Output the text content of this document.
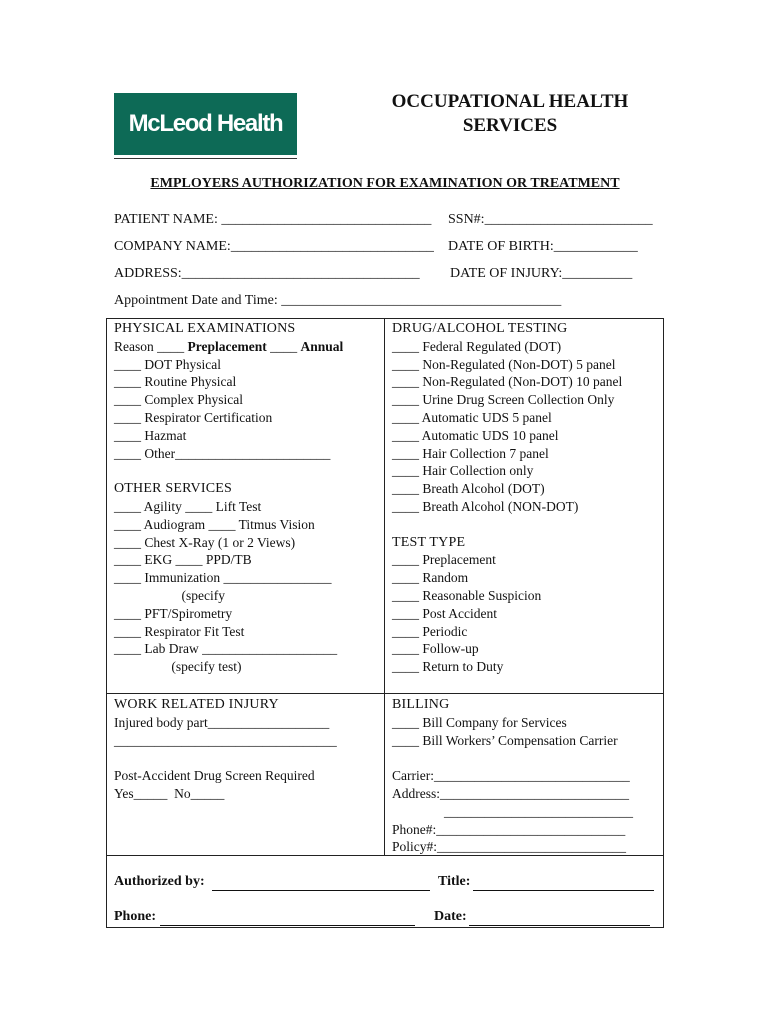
McLeod Health
OCCUPATIONAL HEALTH
SERVICES
EMPLOYERS AUTHORIZATION FOR EXAMINATION OR TREATMENT
PATIENT NAME: ______________________________ SSN#:________________________
COMPANY NAME:_____________________________ DATE OF BIRTH:____________
ADDRESS:__________________________________ DATE OF INJURY:__________
Appointment Date and Time: ________________________________________
PHYSICAL EXAMINATIONS
Reason ____ Preplacement ____ Annual
____ DOT Physical
____ Routine Physical
____ Complex Physical
____ Respirator Certification
____ Hazmat
____ Other_______________________
OTHER SERVICES
____ Agility ____ Lift Test
____ Audiogram ____ Titmus Vision
____ Chest X-Ray (1 or 2 Views)
____ EKG ____ PPD/TB
____ Immunization ________________
(specify
____ PFT/Spirometry
____ Respirator Fit Test
____ Lab Draw ____________________
(specify test)
DRUG/ALCOHOL TESTING
____ Federal Regulated (DOT)
____ Non-Regulated (Non-DOT) 5 panel
____ Non-Regulated (Non-DOT) 10 panel
____ Urine Drug Screen Collection Only
____ Automatic UDS 5 panel
____ Automatic UDS 10 panel
____ Hair Collection 7 panel
____ Hair Collection only
____ Breath Alcohol (DOT)
____ Breath Alcohol (NON-DOT)
TEST TYPE
____ Preplacement
____ Random
____ Reasonable Suspicion
____ Post Accident
____ Periodic
____ Follow-up
____ Return to Duty
WORK RELATED INJURY
Injured body part__________________
_________________________________
Post-Accident Drug Screen Required
Yes_____  No_____
BILLING
____ Bill Company for Services
____ Bill Workers’ Compensation Carrier
Carrier:_____________________________
Address:____________________________
____________________________
Phone#:____________________________
Policy#:____________________________
Authorized by:	Title:
Phone:	Date:
